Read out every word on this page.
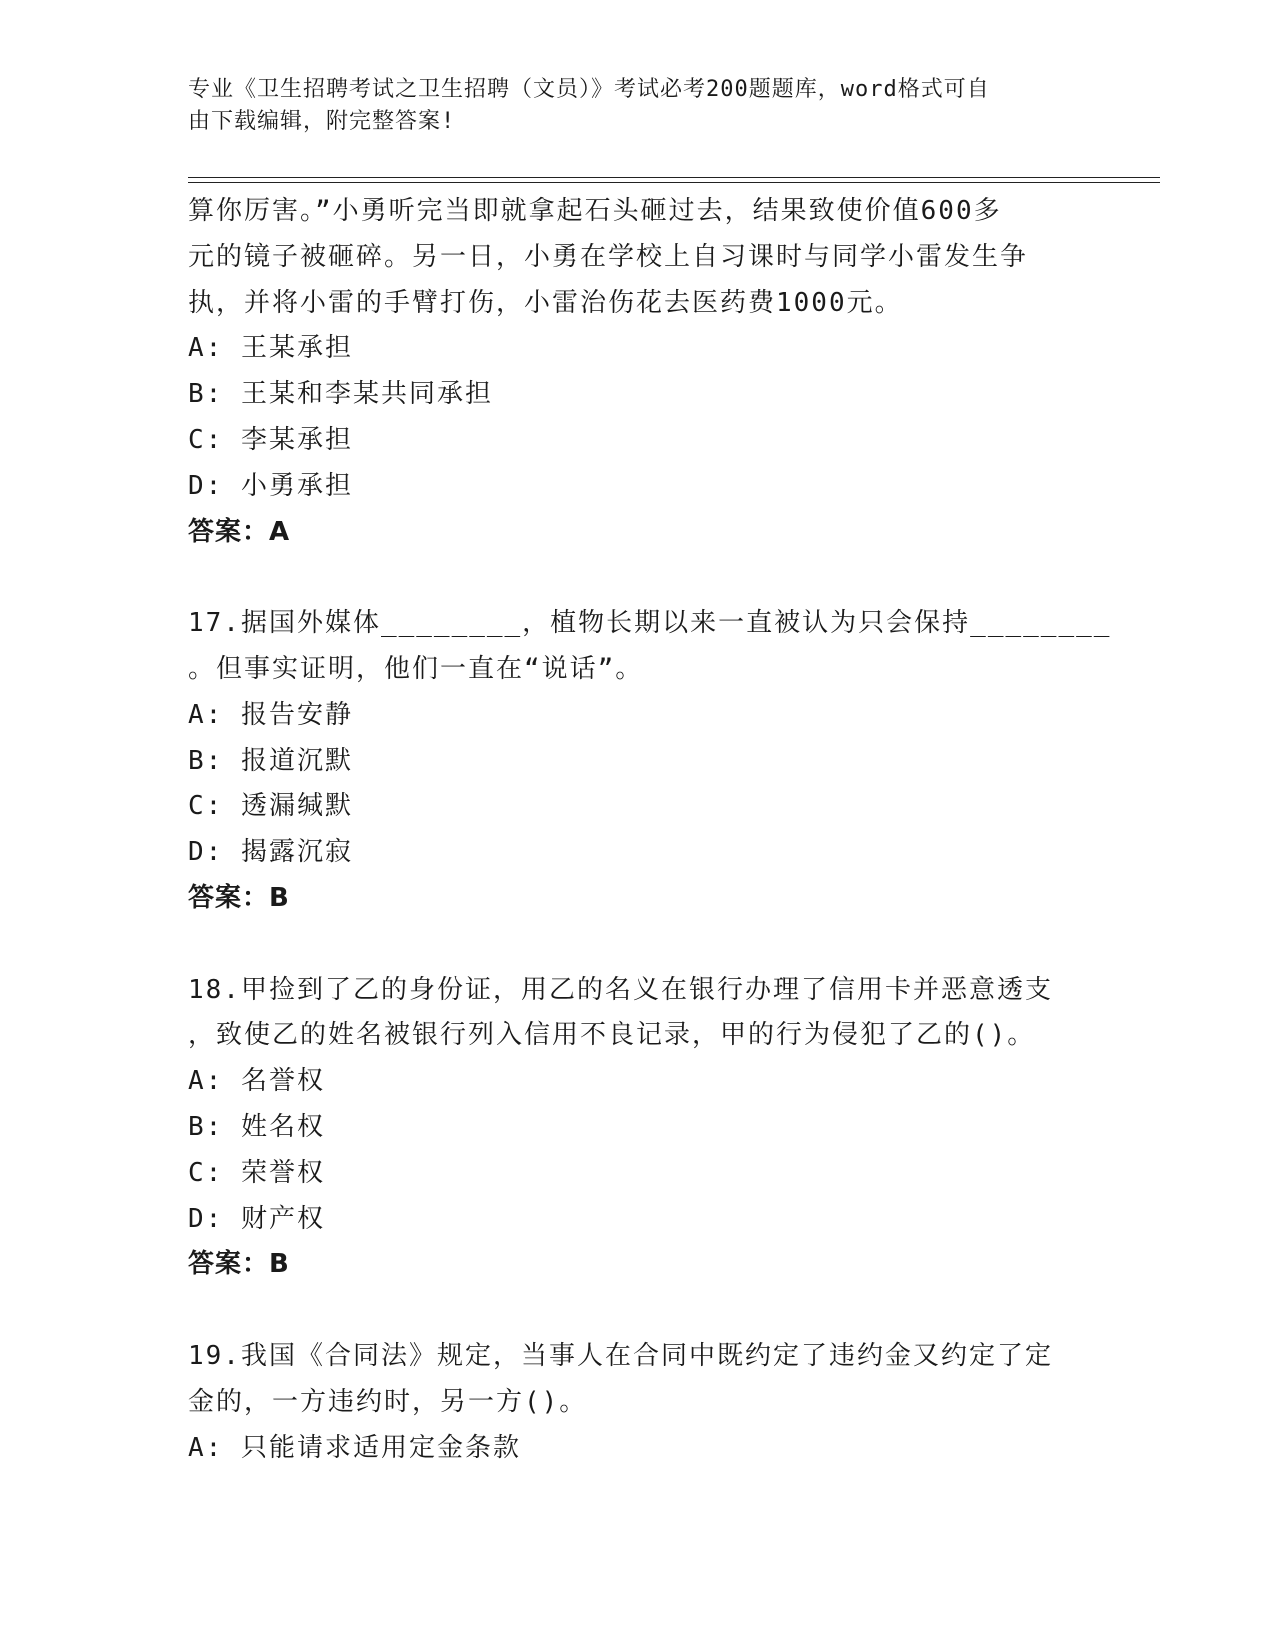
专业《卫生招聘考试之卫生招聘（文员）》考试必考200题题库，word格式可自
由下载编辑，附完整答案!
算你厉害。”小勇听完当即就拿起石头砸过去，结果致使价值600多
元的镜子被砸碎。另一日，小勇在学校上自习课时与同学小雷发生争
执，并将小雷的手臂打伤，小雷治伤花去医药费1000元。
A: 王某承担
B: 王某和李某共同承担
C: 李某承担
D: 小勇承担
答案：A
17.据国外媒体________，植物长期以来一直被认为只会保持________
。但事实证明，他们一直在“说话”。
A: 报告安静
B: 报道沉默
C: 透漏缄默
D: 揭露沉寂
答案：B
18.甲捡到了乙的身份证，用乙的名义在银行办理了信用卡并恶意透支
，致使乙的姓名被银行列入信用不良记录，甲的行为侵犯了乙的()。
A: 名誉权
B: 姓名权
C: 荣誉权
D: 财产权
答案：B
19.我国《合同法》规定，当事人在合同中既约定了违约金又约定了定
金的，一方违约时，另一方()。
A: 只能请求适用定金条款
